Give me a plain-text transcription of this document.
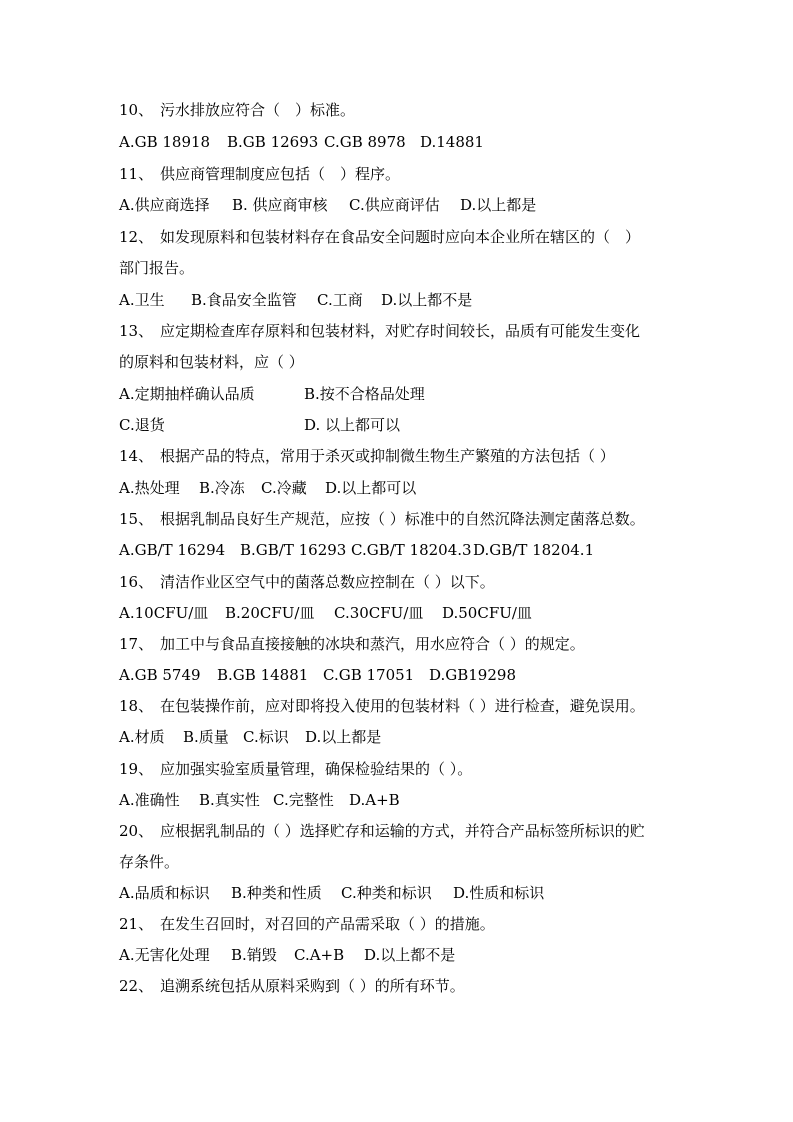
10、 污水排放应符合（　）标准。
A.GB 18918 B.GB 12693 C.GB 8978 D.14881
11、 供应商管理制度应包括（　）程序。
A.供应商选择 B. 供应商审核 C.供应商评估 D.以上都是
12、 如发现原料和包装材料存在食品安全问题时应向本企业所在辖区的（　）
部门报告。
A.卫生 B.食品安全监管 C.工商 D.以上都不是
13、 应定期检查库存原料和包装材料，对贮存时间较长，品质有可能发生变化
的原料和包装材料，应（ ）
A.定期抽样确认品质	B.按不合格品处理
C.退货	D. 以上都可以
14、 根据产品的特点，常用于杀灭或抑制微生物生产繁殖的方法包括（ ）
A.热处理 B.冷冻 C.冷藏 D.以上都可以
15、 根据乳制品良好生产规范，应按（ ）标准中的自然沉降法测定菌落总数。
A.GB/T 16294 B.GB/T 16293 C.GB/T 18204.3D.GB/T 18204.1
16、 清洁作业区空气中的菌落总数应控制在（ ）以下。
A.10CFU/皿 B.20CFU/皿 C.30CFU/皿 D.50CFU/皿
17、 加工中与食品直接接触的冰块和蒸汽，用水应符合（ ）的规定。
A.GB 5749 B.GB 14881 C.GB 17051 D.GB19298
18、 在包装操作前，应对即将投入使用的包装材料（ ）进行检查，避免误用。
A.材质 B.质量 C.标识 D.以上都是
19、 应加强实验室质量管理，确保检验结果的（ ）。
A.准确性 B.真实性 C.完整性 D.A+B
20、 应根据乳制品的（ ）选择贮存和运输的方式，并符合产品标签所标识的贮
存条件。
A.品质和标识 B.种类和性质 C.种类和标识 D.性质和标识
21、 在发生召回时，对召回的产品需采取（ ）的措施。
A.无害化处理 B.销毁 C.A+B D.以上都不是
22、 追溯系统包括从原料采购到（ ）的所有环节。
